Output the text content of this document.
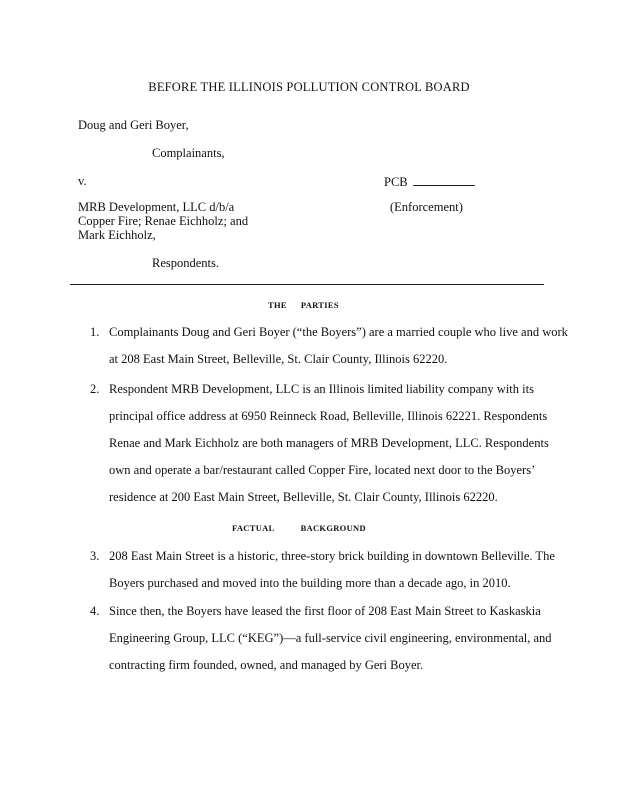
BEFORE THE ILLINOIS POLLUTION CONTROL BOARD
Doug and Geri Boyer,
Complainants,
v.	PCB
MRB Development, LLC d/b/a
Copper Fire; Renae Eichholz; and
Mark Eichholz,
(Enforcement)
Respondents.
THE PARTIES
1. Complainants Doug and Geri Boyer (“the Boyers”) are a married couple who live and work
at 208 East Main Street, Belleville, St. Clair County, Illinois 62220.
2. Respondent MRB Development, LLC is an Illinois limited liability company with its
principal office address at 6950 Reinneck Road, Belleville, Illinois 62221. Respondents
Renae and Mark Eichholz are both managers of MRB Development, LLC. Respondents
own and operate a bar/restaurant called Copper Fire, located next door to the Boyers’
residence at 200 East Main Street, Belleville, St. Clair County, Illinois 62220.
FACTUAL	BACKGROUND
3. 208 East Main Street is a historic, three-story brick building in downtown Belleville. The
Boyers purchased and moved into the building more than a decade ago, in 2010.
4. Since then, the Boyers have leased the first floor of 208 East Main Street to Kaskaskia
Engineering Group, LLC (“KEG”)—a full-service civil engineering, environmental, and
contracting firm founded, owned, and managed by Geri Boyer.
